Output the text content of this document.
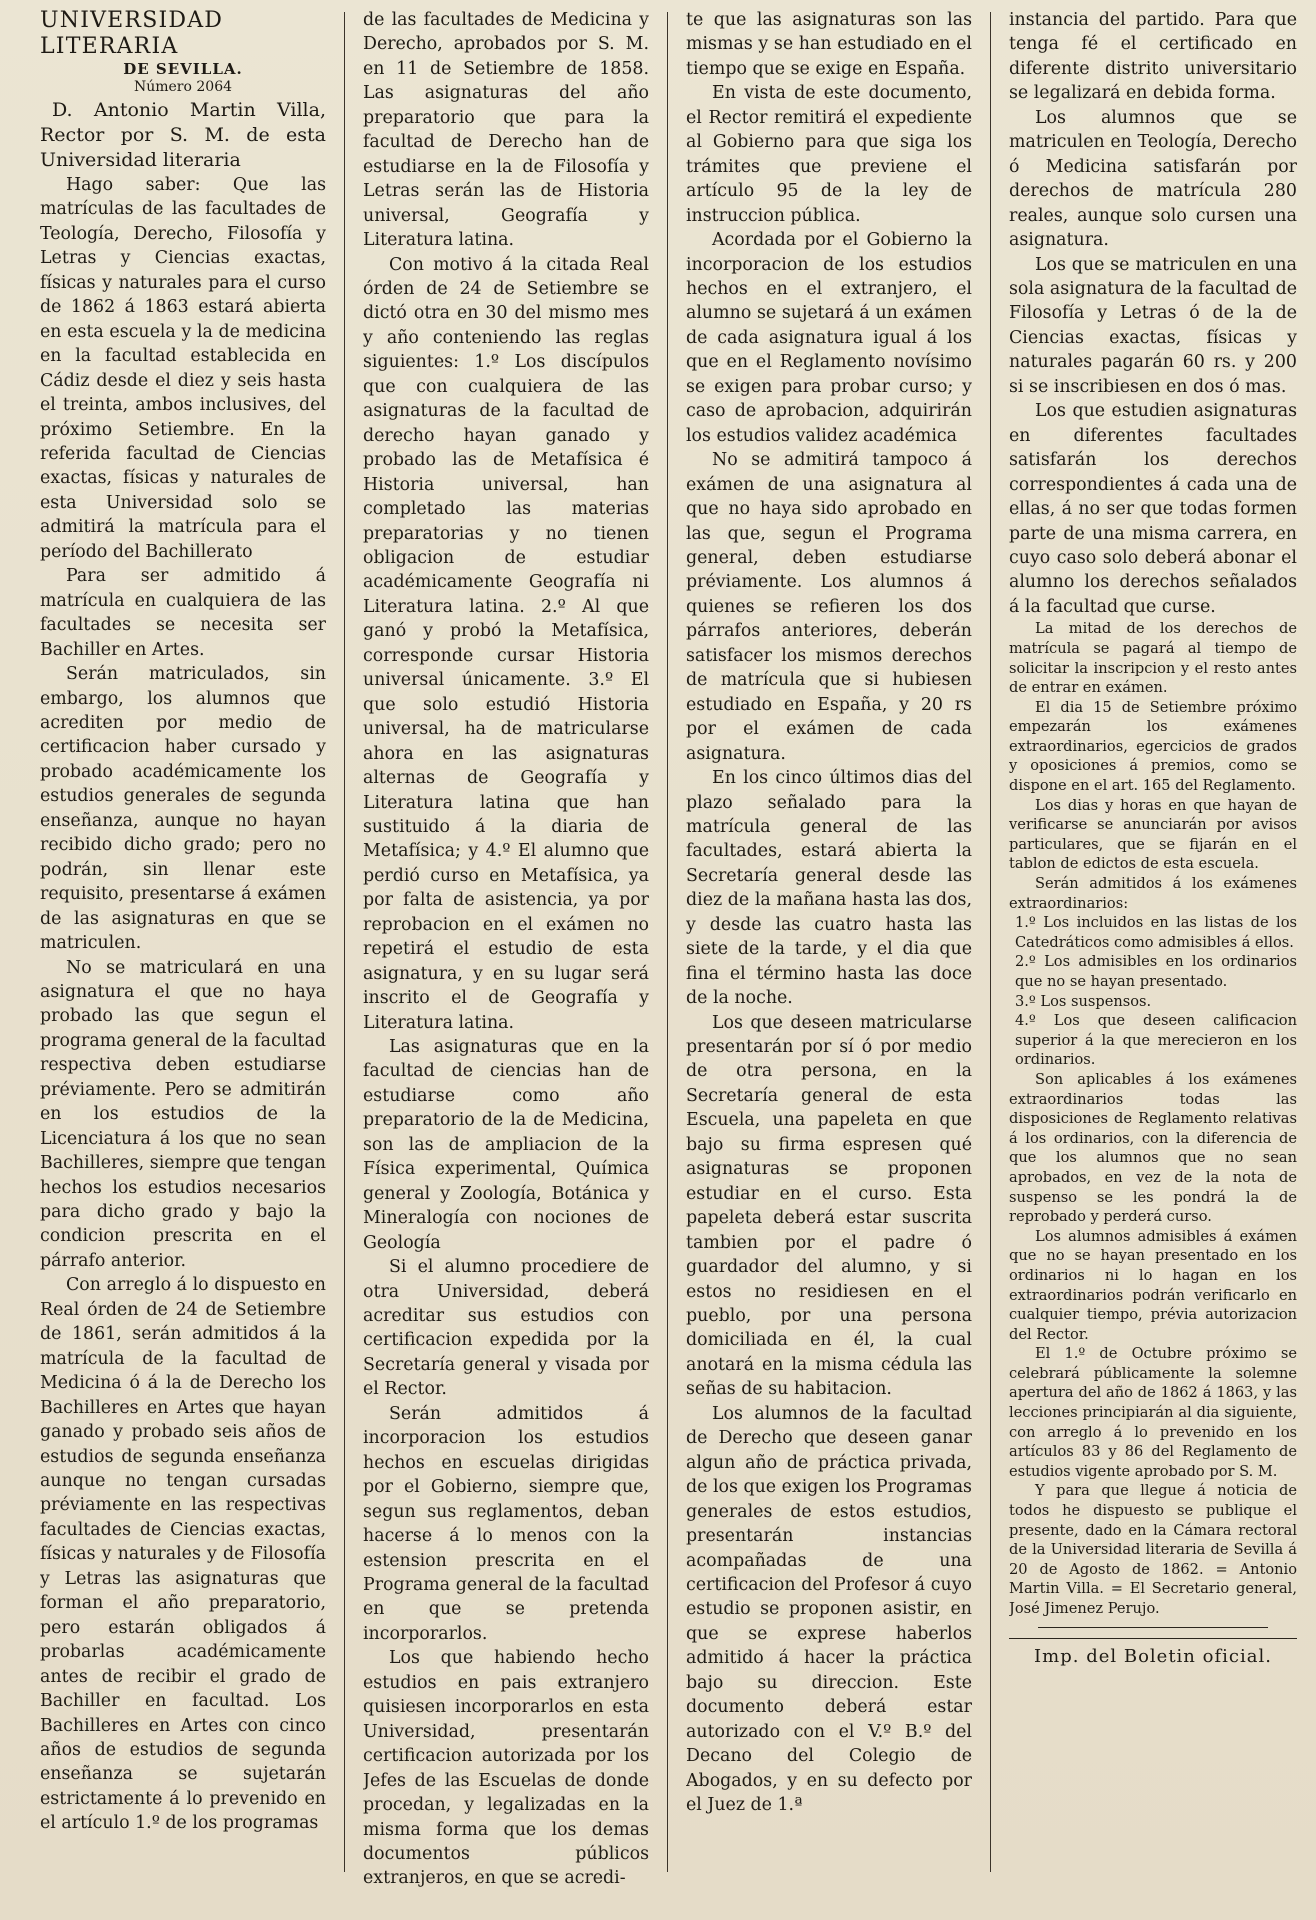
UNIVERSIDAD LITERARIA

DE SEVILLA.

Número 2064

D. Antonio Martin Villa, Rector por S. M. de esta Universidad literaria

Hago saber: Que las matrículas de las facultades de Teología, Derecho, Filosofía y Letras y Ciencias exactas, físicas y naturales para el curso de 1862 á 1863 estará abierta en esta escuela y la de medicina en la facultad establecida en Cádiz desde el diez y seis hasta el treinta, ambos inclusives, del próximo Setiembre. En la referida facultad de Ciencias exactas, físicas y naturales de esta Universidad solo se admitirá la matrícula para el período del Bachillerato

Para ser admitido á matrícula en cualquiera de las facultades se necesita ser Bachiller en Artes.

Serán matriculados, sin embargo, los alumnos que acrediten por medio de certificacion haber cursado y probado académicamente los estudios generales de segunda enseñanza, aunque no hayan recibido dicho grado; pero no podrán, sin llenar este requisito, presentarse á exámen de las asignaturas en que se matriculen.

No se matriculará en una asignatura el que no haya probado las que segun el programa general de la facultad respectiva deben estudiarse préviamente. Pero se admitirán en los estudios de la Licenciatura á los que no sean Bachilleres, siempre que tengan hechos los estudios necesarios para dicho grado y bajo la condicion prescrita en el párrafo anterior.

Con arreglo á lo dispuesto en Real órden de 24 de Setiembre de 1861, serán admitidos á la matrícula de la facultad de Medicina ó á la de Derecho los Bachilleres en Artes que hayan ganado y probado seis años de estudios de segunda enseñanza aunque no tengan cursadas préviamente en las respectivas facultades de Ciencias exactas, físicas y naturales y de Filosofía y Letras las asignaturas que forman el año preparatorio, pero estarán obligados á probarlas académicamente antes de recibir el grado de Bachiller en facultad. Los Bachilleres en Artes con cinco años de estudios de segunda enseñanza se sujetarán estrictamente á lo prevenido en el artículo 1.º de los programas

de las facultades de Medicina y Derecho, aprobados por S. M. en 11 de Setiembre de 1858. Las asignaturas del año preparatorio que para la facultad de Derecho han de estudiarse en la de Filosofía y Letras serán las de Historia universal, Geografía y Literatura latina.

Con motivo á la citada Real órden de 24 de Setiembre se dictó otra en 30 del mismo mes y año conteniendo las reglas siguientes: 1.º Los discípulos que con cualquiera de las asignaturas de la facultad de derecho hayan ganado y probado las de Metafísica é Historia universal, han completado las materias preparatorias y no tienen obligacion de estudiar académicamente Geografía ni Literatura latina. 2.º Al que ganó y probó la Metafísica, corresponde cursar Historia universal únicamente. 3.º El que solo estudió Historia universal, ha de matricularse ahora en las asignaturas alternas de Geografía y Literatura latina que han sustituido á la diaria de Metafísica; y 4.º El alumno que perdió curso en Metafísica, ya por falta de asistencia, ya por reprobacion en el exámen no repetirá el estudio de esta asignatura, y en su lugar será inscrito el de Geografía y Literatura latina.

Las asignaturas que en la facultad de ciencias han de estudiarse como año preparatorio de la de Medicina, son las de ampliacion de la Física experimental, Química general y Zoología, Botánica y Mineralogía con nociones de Geología

Si el alumno procediere de otra Universidad, deberá acreditar sus estudios con certificacion expedida por la Secretaría general y visada por el Rector.

Serán admitidos á incorporacion los estudios hechos en escuelas dirigidas por el Gobierno, siempre que, segun sus reglamentos, deban hacerse á lo menos con la estension prescrita en el Programa general de la facultad en que se pretenda incorporarlos.

Los que habiendo hecho estudios en pais extranjero quisiesen incorporarlos en esta Universidad, presentarán certificacion autorizada por los Jefes de las Escuelas de donde procedan, y legalizadas en la misma forma que los demas documentos públicos extranjeros, en que se acredi-

te que las asignaturas son las mismas y se han estudiado en el tiempo que se exige en España.

En vista de este documento, el Rector remitirá el expediente al Gobierno para que siga los trámites que previene el artículo 95 de la ley de instruccion pública.

Acordada por el Gobierno la incorporacion de los estudios hechos en el extranjero, el alumno se sujetará á un exámen de cada asignatura igual á los que en el Reglamento novísimo se exigen para probar curso; y caso de aprobacion, adquirirán los estudios validez académica

No se admitirá tampoco á exámen de una asignatura al que no haya sido aprobado en las que, segun el Programa general, deben estudiarse préviamente. Los alumnos á quienes se refieren los dos párrafos anteriores, deberán satisfacer los mismos derechos de matrícula que si hubiesen estudiado en España, y 20 rs por el exámen de cada asignatura.

En los cinco últimos dias del plazo señalado para la matrícula general de las facultades, estará abierta la Secretaría general desde las diez de la mañana hasta las dos, y desde las cuatro hasta las siete de la tarde, y el dia que fina el término hasta las doce de la noche.

Los que deseen matricularse presentarán por sí ó por medio de otra persona, en la Secretaría general de esta Escuela, una papeleta en que bajo su firma espresen qué asignaturas se proponen estudiar en el curso. Esta papeleta deberá estar suscrita tambien por el padre ó guardador del alumno, y si estos no residiesen en el pueblo, por una persona domiciliada en él, la cual anotará en la misma cédula las señas de su habitacion.

Los alumnos de la facultad de Derecho que deseen ganar algun año de práctica privada, de los que exigen los Programas generales de estos estudios, presentarán instancias acompañadas de una certificacion del Profesor á cuyo estudio se proponen asistir, en que se exprese haberlos admitido á hacer la práctica bajo su direccion. Este documento deberá estar autorizado con el V.º B.º del Decano del Colegio de Abogados, y en su defecto por el Juez de 1.ª

instancia del partido. Para que tenga fé el certificado en diferente distrito universitario se legalizará en debida forma.

Los alumnos que se matriculen en Teología, Derecho ó Medicina satisfarán por derechos de matrícula 280 reales, aunque solo cursen una asignatura.

Los que se matriculen en una sola asignatura de la facultad de Filosofía y Letras ó de la de Ciencias exactas, físicas y naturales pagarán 60 rs. y 200 si se inscribiesen en dos ó mas.

Los que estudien asignaturas en diferentes facultades satisfarán los derechos correspondientes á cada una de ellas, á no ser que todas formen parte de una misma carrera, en cuyo caso solo deberá abonar el alumno los derechos señalados á la facultad que curse.

La mitad de los derechos de matrícula se pagará al tiempo de solicitar la inscripcion y el resto antes de entrar en exámen.

El dia 15 de Setiembre próximo empezarán los exámenes extraordinarios, egercicios de grados y oposiciones á premios, como se dispone en el art. 165 del Reglamento.

Los dias y horas en que hayan de verificarse se anunciarán por avisos particulares, que se fijarán en el tablon de edictos de esta escuela.

Serán admitidos á los exámenes extraordinarios:

1.º Los incluidos en las listas de los Catedráticos como admisibles á ellos.

2.º Los admisibles en los ordinarios que no se hayan presentado.

3.º Los suspensos.

4.º Los que deseen calificacion superior á la que merecieron en los ordinarios.

Son aplicables á los exámenes extraordinarios todas las disposiciones de Reglamento relativas á los ordinarios, con la diferencia de que los alumnos que no sean aprobados, en vez de la nota de suspenso se les pondrá la de reprobado y perderá curso.

Los alumnos admisibles á exámen que no se hayan presentado en los ordinarios ni lo hagan en los extraordinarios podrán verificarlo en cualquier tiempo, prévia autorizacion del Rector.

El 1.º de Octubre próximo se celebrará públicamente la solemne apertura del año de 1862 á 1863, y las lecciones principiarán al dia siguiente, con arreglo á lo prevenido en los artículos 83 y 86 del Reglamento de estudios vigente aprobado por S. M.

Y para que llegue á noticia de todos he dispuesto se publique el presente, dado en la Cámara rectoral de la Universidad literaria de Sevilla á 20 de Agosto de 1862. = Antonio Martin Villa. = El Secretario general, José Jimenez Perujo.

Imp. del Boletin oficial.
